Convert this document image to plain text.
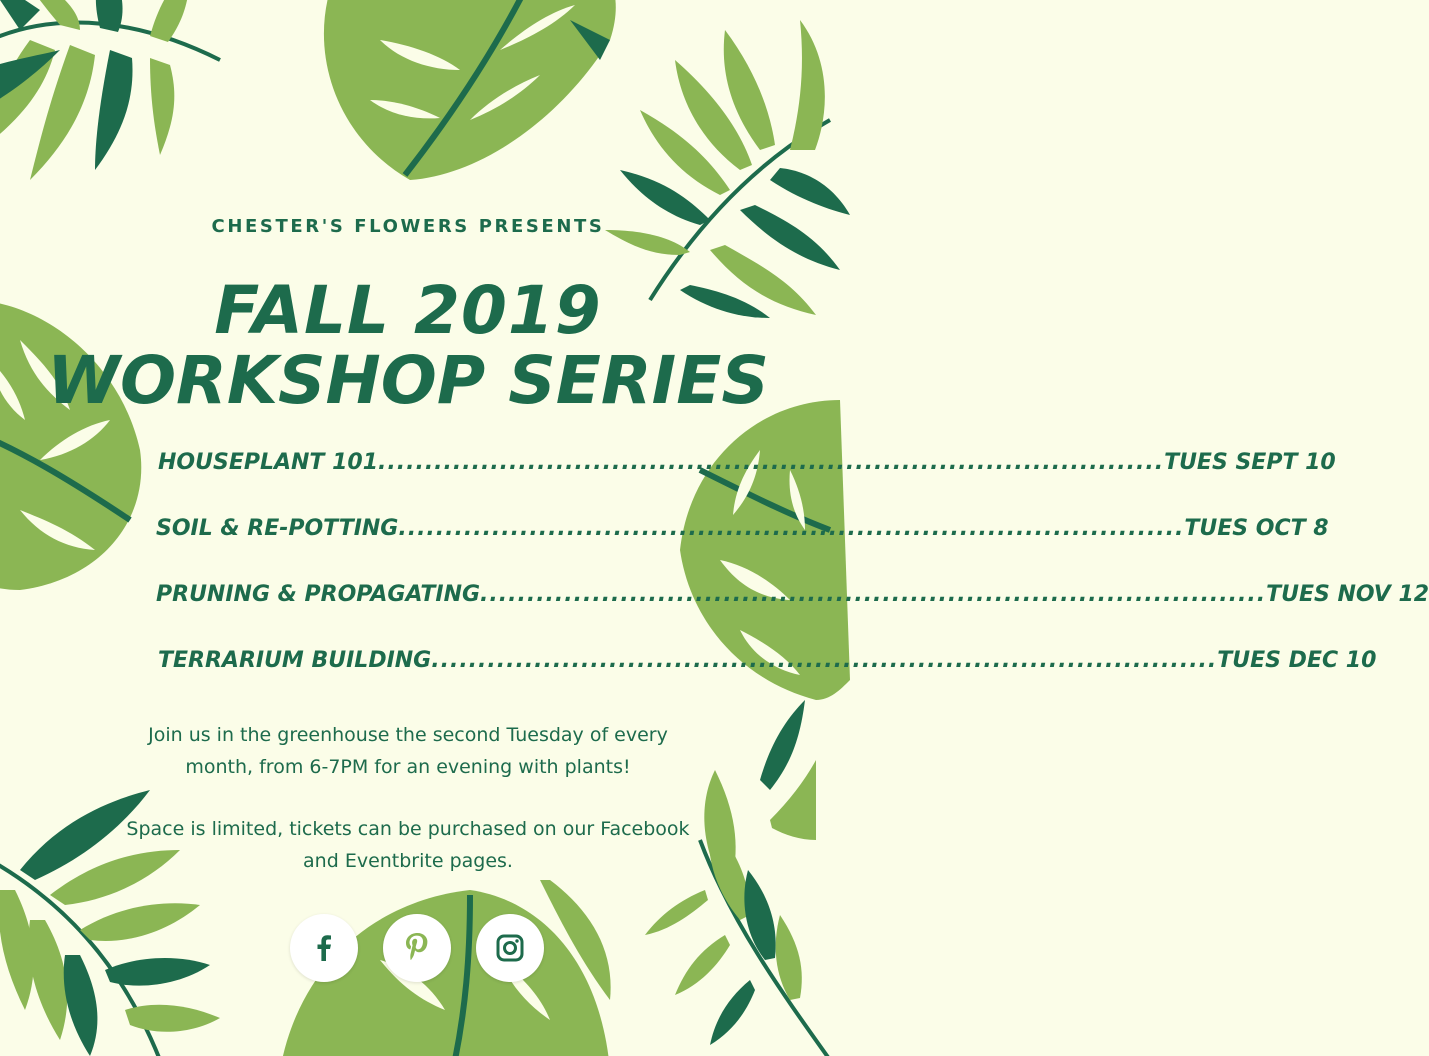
CHESTER'S FLOWERS PRESENTS
FALL 2019
WORKSHOP SERIES
HOUSEPLANT 101 .................................................................................... TUES SEPT 10
SOIL & RE-POTTING .................................................................................... TUES OCT 8
PRUNING & PROPAGATING .................................................................................... TUES NOV 12
TERRARIUM BUILDING .................................................................................... TUES DEC 10
Join us in the greenhouse the second Tuesday of every month, from 6-7PM for an evening with plants!
Space is limited, tickets can be purchased on our Facebook and Eventbrite pages.
